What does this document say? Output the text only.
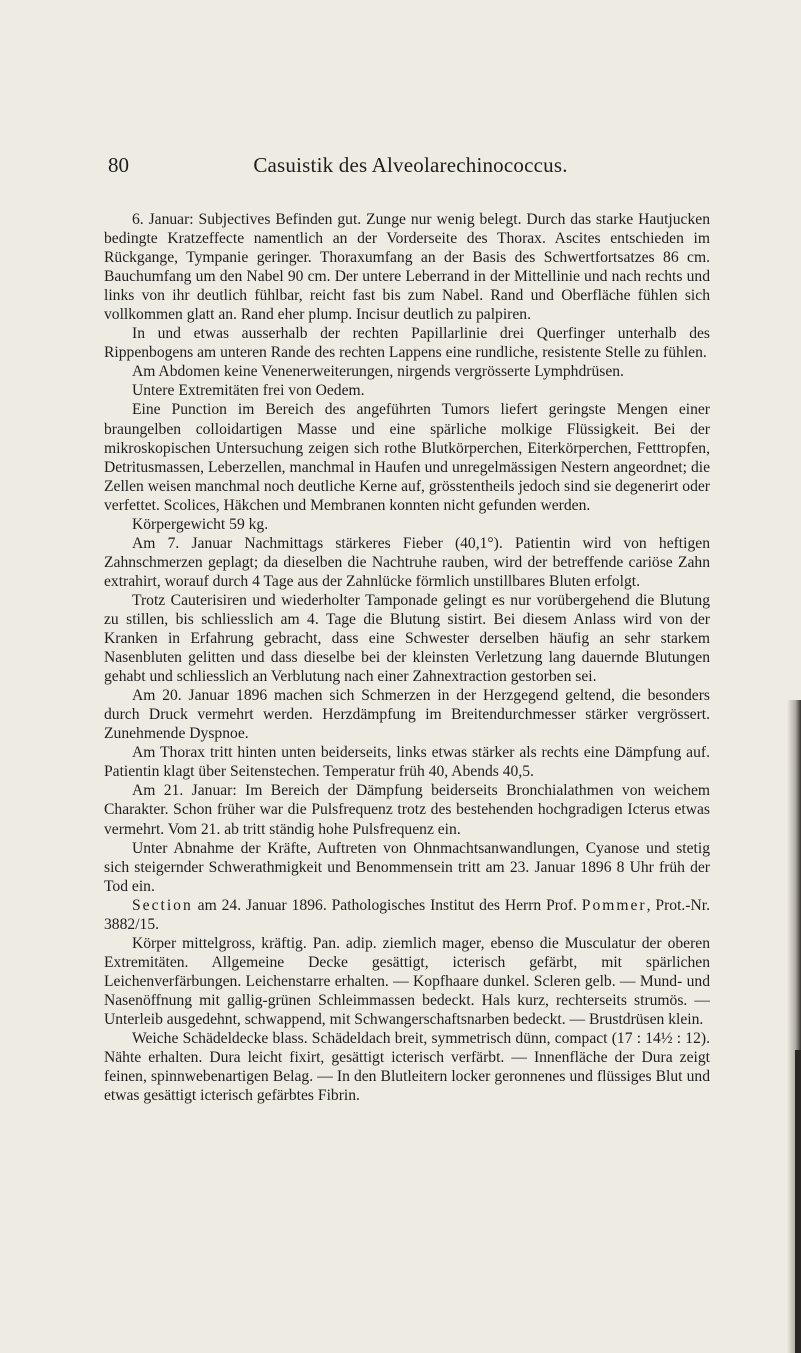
80	Casuistik des Alveolarechinococcus.

6. Januar: Subjectives Befinden gut. Zunge nur wenig belegt. Durch das starke Hautjucken bedingte Kratzeffecte namentlich an der Vorderseite des Thorax. Ascites entschieden im Rückgange, Tympanie geringer. Thoraxumfang an der Basis des Schwertfortsatzes 86 cm. Bauchumfang um den Nabel 90 cm. Der untere Leberrand in der Mittellinie und nach rechts und links von ihr deutlich fühlbar, reicht fast bis zum Nabel. Rand und Oberfläche fühlen sich vollkommen glatt an. Rand eher plump. Incisur deutlich zu palpiren.

In und etwas ausserhalb der rechten Papillarlinie drei Querfinger unterhalb des Rippenbogens am unteren Rande des rechten Lappens eine rundliche, resistente Stelle zu fühlen.

Am Abdomen keine Venenerweiterungen, nirgends vergrösserte Lymphdrüsen.

Untere Extremitäten frei von Oedem.

Eine Punction im Bereich des angeführten Tumors liefert geringste Mengen einer braungelben colloidartigen Masse und eine spärliche molkige Flüssigkeit. Bei der mikroskopischen Untersuchung zeigen sich rothe Blutkörperchen, Eiterkörperchen, Fetttropfen, Detritusmassen, Leberzellen, manchmal in Haufen und unregelmässigen Nestern angeordnet; die Zellen weisen manchmal noch deutliche Kerne auf, grösstentheils jedoch sind sie degenerirt oder verfettet. Scolices, Häkchen und Membranen konnten nicht gefunden werden.

Körpergewicht 59 kg.

Am 7. Januar Nachmittags stärkeres Fieber (40,1°). Patientin wird von heftigen Zahnschmerzen geplagt; da dieselben die Nachtruhe rauben, wird der betreffende cariöse Zahn extrahirt, worauf durch 4 Tage aus der Zahnlücke förmlich unstillbares Bluten erfolgt.

Trotz Cauterisiren und wiederholter Tamponade gelingt es nur vorübergehend die Blutung zu stillen, bis schliesslich am 4. Tage die Blutung sistirt. Bei diesem Anlass wird von der Kranken in Erfahrung gebracht, dass eine Schwester derselben häufig an sehr starkem Nasenbluten gelitten und dass dieselbe bei der kleinsten Verletzung lang dauernde Blutungen gehabt und schliesslich an Verblutung nach einer Zahnextraction gestorben sei.

Am 20. Januar 1896 machen sich Schmerzen in der Herzgegend geltend, die besonders durch Druck vermehrt werden. Herzdämpfung im Breitendurchmesser stärker vergrössert. Zunehmende Dyspnoe.

Am Thorax tritt hinten unten beiderseits, links etwas stärker als rechts eine Dämpfung auf. Patientin klagt über Seitenstechen. Temperatur früh 40, Abends 40,5.

Am 21. Januar: Im Bereich der Dämpfung beiderseits Bronchialathmen von weichem Charakter. Schon früher war die Pulsfrequenz trotz des bestehenden hochgradigen Icterus etwas vermehrt. Vom 21. ab tritt ständig hohe Pulsfrequenz ein.

Unter Abnahme der Kräfte, Auftreten von Ohnmachtsanwandlungen, Cyanose und stetig sich steigernder Schwerathmigkeit und Benommensein tritt am 23. Januar 1896 8 Uhr früh der Tod ein.

Section am 24. Januar 1896. Pathologisches Institut des Herrn Prof. Pommer, Prot.-Nr. 3882/15.

Körper mittelgross, kräftig. Pan. adip. ziemlich mager, ebenso die Musculatur der oberen Extremitäten. Allgemeine Decke gesättigt, icterisch gefärbt, mit spärlichen Leichenverfärbungen. Leichenstarre erhalten. — Kopfhaare dunkel. Scleren gelb. — Mund- und Nasenöffnung mit gallig-grünen Schleimmassen bedeckt. Hals kurz, rechterseits strumös. — Unterleib ausgedehnt, schwappend, mit Schwangerschaftsnarben bedeckt. — Brustdrüsen klein.

Weiche Schädeldecke blass. Schädeldach breit, symmetrisch dünn, compact (17 : 14½ : 12). Nähte erhalten. Dura leicht fixirt, gesättigt icterisch verfärbt. — Innenfläche der Dura zeigt feinen, spinnwebenartigen Belag. — In den Blutleitern locker geronnenes und flüssiges Blut und etwas gesättigt icterisch gefärbtes Fibrin.
